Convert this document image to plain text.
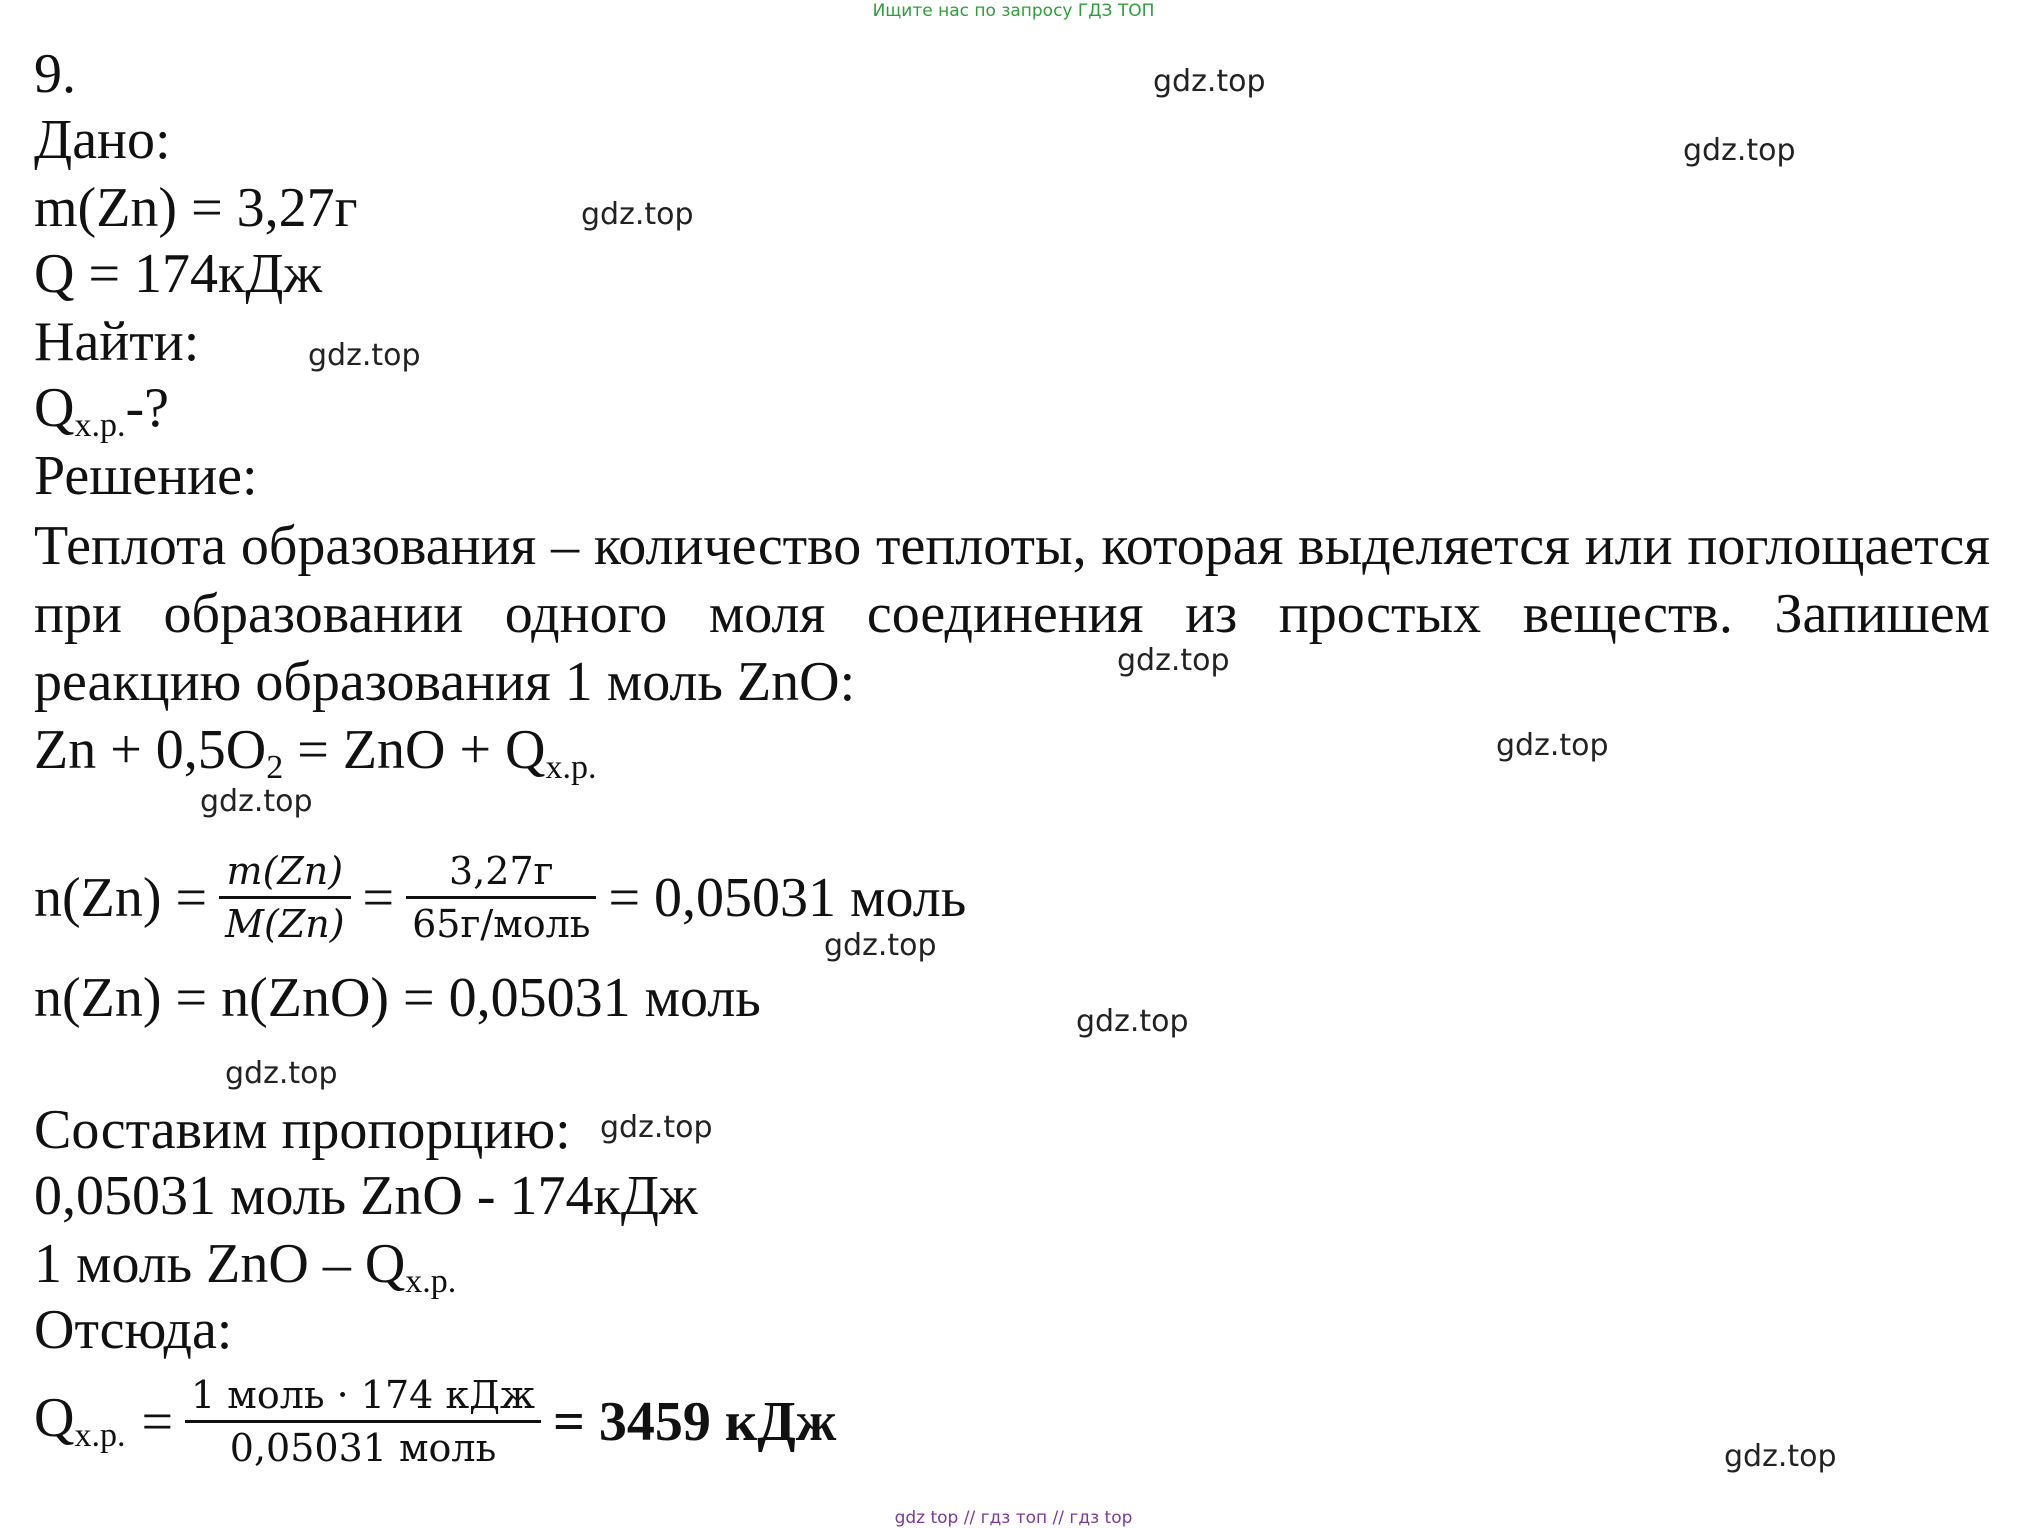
Ищите нас по запросу ГДЗ ТОП
gdz.top
gdz.top
gdz.top
gdz.top
gdz.top
gdz.top
gdz.top
gdz.top
gdz.top
gdz.top
gdz.top
gdz.top
9.
Дано:
m(Zn) = 3,27г
Q = 174кДж
Найти:
Qх.р.-?
Решение:
Теплота образования – количество теплоты, которая выделяется или поглощается при образовании одного моля соединения из простых веществ. Запишем реакцию образования 1 моль ZnO:
Zn + 0,5O2 = ZnO + Qх.р.
$n(Zn) = \frac{m(Zn)}{M(Zn)} = \frac{3,27г}{\text{65г/моль}} = 0,05031$ моль
n(Zn) = n(ZnO) = 0,05031 моль
Составим пропорцию:
0,05031 моль ZnO - 174кДж
1 моль ZnO – Qх.р.
Отсюда:
Qх.р. = $\frac{\text{1 моль · 174 кДж}}{\text{0,05031 моль}} = 3459$ кДж
gdz top // гдз топ // гдз top
